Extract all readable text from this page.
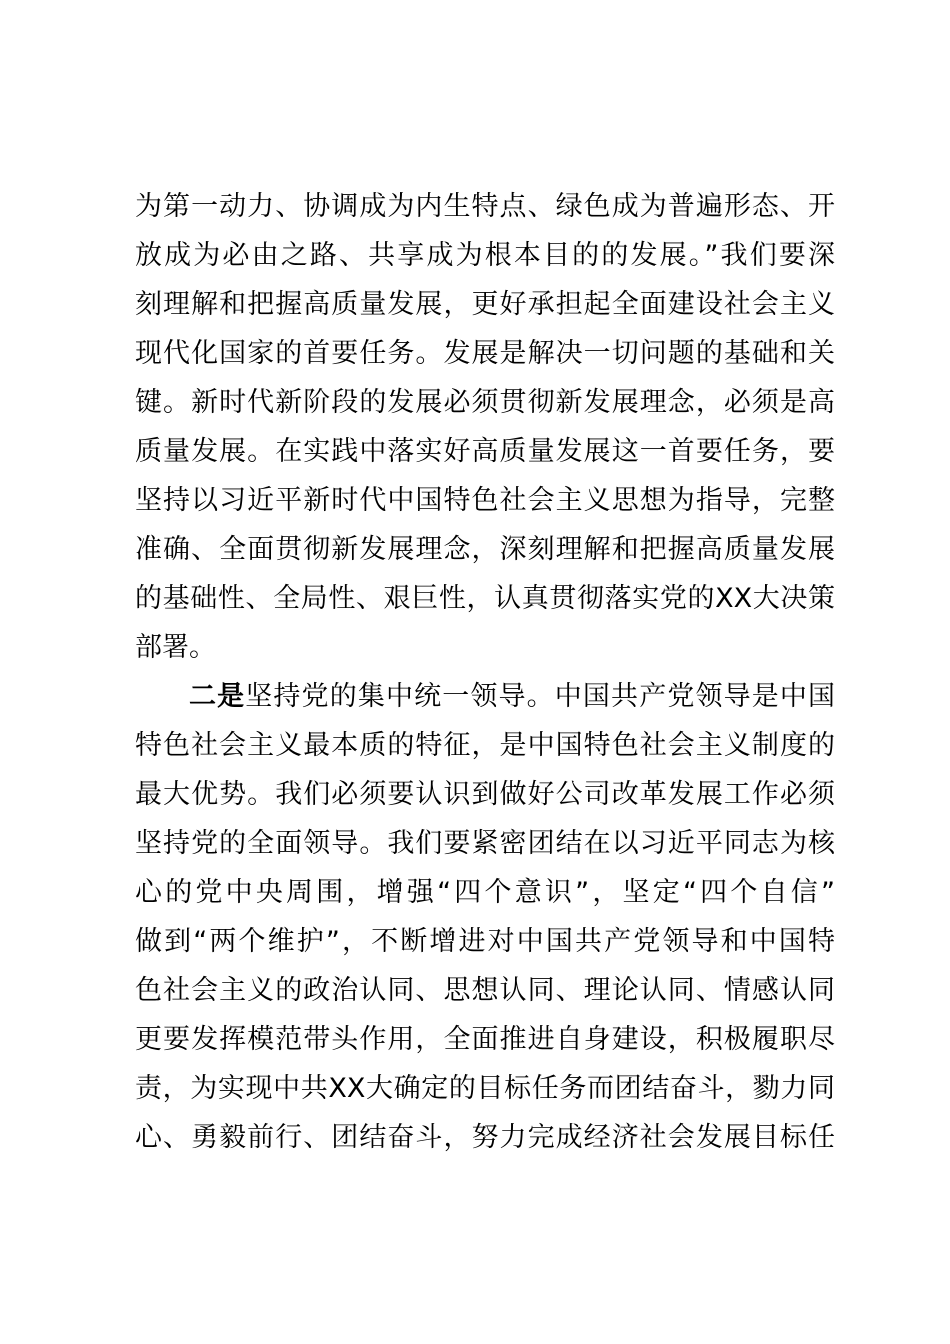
为第一动力、协调成为内生特点、绿色成为普遍形态、开
放成为必由之路、共享成为根本目的的发展。”我们要深
刻理解和把握高质量发展，更好承担起全面建设社会主义
现代化国家的首要任务。发展是解决一切问题的基础和关
键。新时代新阶段的发展必须贯彻新发展理念，必须是高
质量发展。在实践中落实好高质量发展这一首要任务，要
坚持以习近平新时代中国特色社会主义思想为指导，完整
准确、全面贯彻新发展理念，深刻理解和把握高质量发展
的基础性、全局性、艰巨性，认真贯彻落实党的XX大决策
部署。
二是坚持党的集中统一领导。中国共产党领导是中国
特色社会主义最本质的特征，是中国特色社会主义制度的
最大优势。我们必须要认识到做好公司改革发展工作必须
坚持党的全面领导。我们要紧密团结在以习近平同志为核
心的党中央周围，增强“四个意识”，坚定“四个自信”
做到“两个维护”，不断增进对中国共产党领导和中国特
色社会主义的政治认同、思想认同、理论认同、情感认同
更要发挥模范带头作用，全面推进自身建设，积极履职尽
责，为实现中共XX大确定的目标任务而团结奋斗，勠力同
心、勇毅前行、团结奋斗，努力完成经济社会发展目标任
